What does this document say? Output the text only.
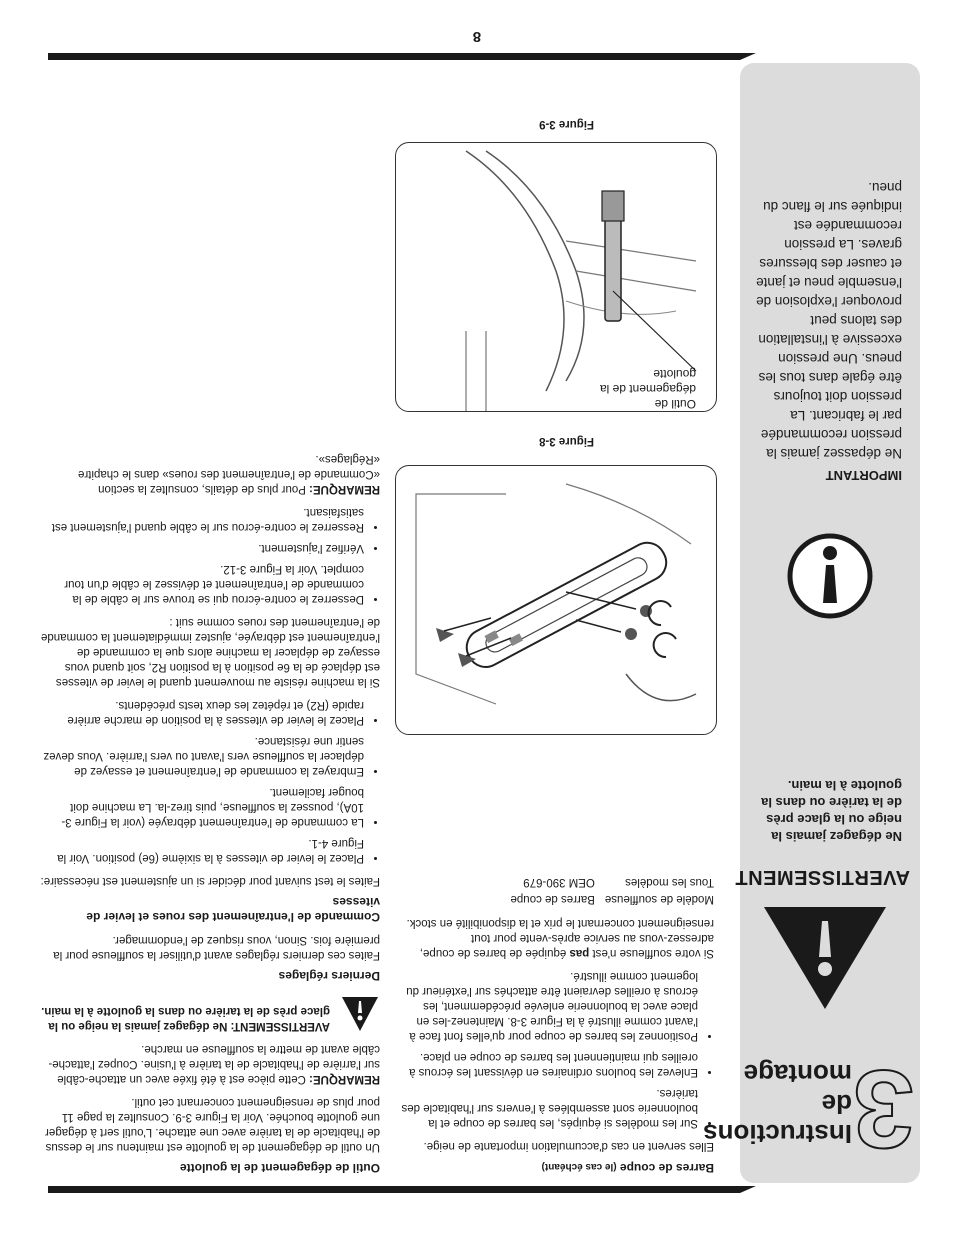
8
3
Instructions
de montage
AVERTISSEMENT
Ne dégagez jamais la neige ou la glace près de la tarière ou dans la goulotte à la main.
IMPORTANT
Ne dépassez jamais la pression recommandée par le fabricant. La pression doit toujours être égale dans tous les pneus. Une pression excessive à l'installation des talons peut provoquer l'explosion de l'ensemble pneu et jante et causer des blessures graves. La pression recommandée est indiquée sur le flanc du pneu.
Barres de coupe (le cas échéant)

Elles servent en cas d'accumulation importante de neige.

• Sur les modèles si équipés, les barres de coupe et la boulonnerie sont assemblées à l'envers sur l'habitacle des tarières.
• Enlevez les boulons ordinaires en dévissant les écrous à oreilles qui maintiennent les barres de coupe en place.
• Positionnez les barres de coupe pour qu'elles font face à l'avant comme illustré à la Figure 3-8. Maintenez-les en place avec la boulonnerie enlevée précédemment, les écrous à oreilles devraient être attachés sur l'extérieur du logement comme illustré.

Si votre souffleuse n'est pas équipée de barres de coupe, adressez-vous au service après-vente pour tout renseignement concernant le prix et la disponibilité en stock.

Modèle de souffleuse	Barres de coupe
Tous les modèles	OEM 390-679
Figure 3-8
Outil de dégagement de la goulotte
Figure 3-9
Outil de dégagement de la goulotte

Un outil de dégagement de la goulotte est maintenu sur le dessus de l'habitacle de la tarière avec une attache. L'outil sert à dégager une goulotte bouchée. Voir la Figure 3-9. Consultez la page 11 pour plus de renseignement concernant cet outil.

REMARQUE: Cette pièce est à été fixée avec un attache-câble sur l'arrière de l'habitacle de la tarière à l'usine. Coupez l'attache-câble avant de mettre la souffleuse en marche.

AVERTISSEMENT: Ne dégagez jamais la neige ou la glace près de la tarière ou dans la goulotte à la main.
Derniers réglages

Faites ces derniers réglages avant d'utiliser la souffleuse pour la première fois. Sinon, vous risquez de l'endommager.

Commande de l'entraînement des roues et levier de vitesses

Faites le test suivant pour décider si un ajustement est nécessaire:

• Placez le levier de vitesses à la sixième (6e) position. Voir la Figure 4-1.
• La commande de l'entraînement débrayée (voir la Figure 3-10A), poussez la souffleuse, puis tirez-la. La machine doit bouger facilement.
• Embrayez la commande de l'entraînement et essayez de déplacer la souffleuse vers l'avant ou vers l'arrière. Vous devez sentir une résistance.
• Placez le levier de vitesses à la position de marche arrière rapide (R2) et répétez les deux tests précédents.

Si la machine résiste au mouvement quand le levier de vitesses est déplacé de la 6e position à la position R2, soit quand vous essayez de déplacer la machine alors que la commande de l'entraînement est débrayée, ajustez immédiatement la commande de l'entraînement des roues comme suit :

• Desserrez le contre-écrou qui se trouve sur le câble de la commande de l'entraînement et dévissez le câble d'un tour complet. Voir la Figure 3-12.
• Vérifiez l'ajustement.
• Resserrez le contre-écrou sur le câble quand l'ajustement est satisfaisant.

REMARQUE: Pour plus de détails, consultez la section «Commande de l'entraînement des roues» dans le chapitre «Réglages».
